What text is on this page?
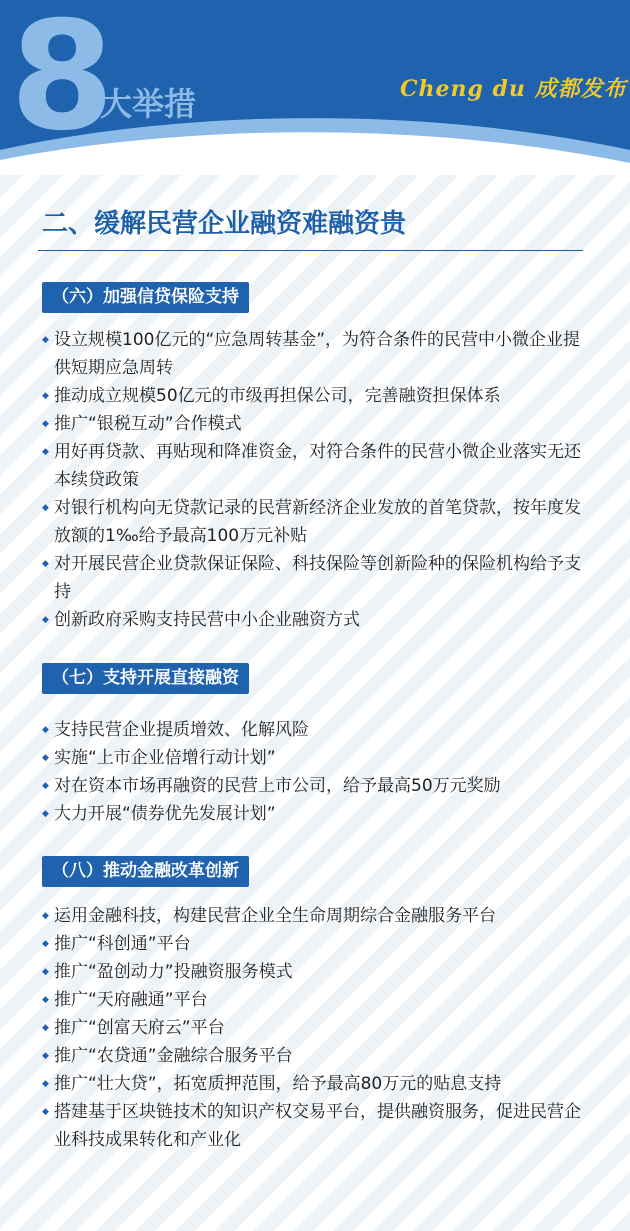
8
大举措	Cheng du 成都发布
二、缓解民营企业融资难融资贵
（六）加强信贷保险支持
◆ 设立规模100亿元的“应急周转基金”，为符合条件的民营中小微企业提供短期应急周转
◆ 推动成立规模50亿元的市级再担保公司，完善融资担保体系
◆ 推广“银税互动”合作模式
◆ 用好再贷款、再贴现和降准资金，对符合条件的民营小微企业落实无还本续贷政策
◆ 对银行机构向无贷款记录的民营新经济企业发放的首笔贷款，按年度发放额的1‰给予最高100万元补贴
◆ 对开展民营企业贷款保证保险、科技保险等创新险种的保险机构给予支持
◆ 创新政府采购支持民营中小企业融资方式
（七）支持开展直接融资
◆ 支持民营企业提质增效、化解风险
◆ 实施“上市企业倍增行动计划”
◆ 对在资本市场再融资的民营上市公司，给予最高50万元奖励
◆ 大力开展“债券优先发展计划”
（八）推动金融改革创新
◆ 运用金融科技，构建民营企业全生命周期综合金融服务平台
◆ 推广“科创通”平台
◆ 推广“盈创动力”投融资服务模式
◆ 推广“天府融通”平台
◆ 推广“创富天府云”平台
◆ 推广“农贷通”金融综合服务平台
◆ 推广“壮大贷”，拓宽质押范围，给予最高80万元的贴息支持
◆ 搭建基于区块链技术的知识产权交易平台，提供融资服务，促进民营企业科技成果转化和产业化
